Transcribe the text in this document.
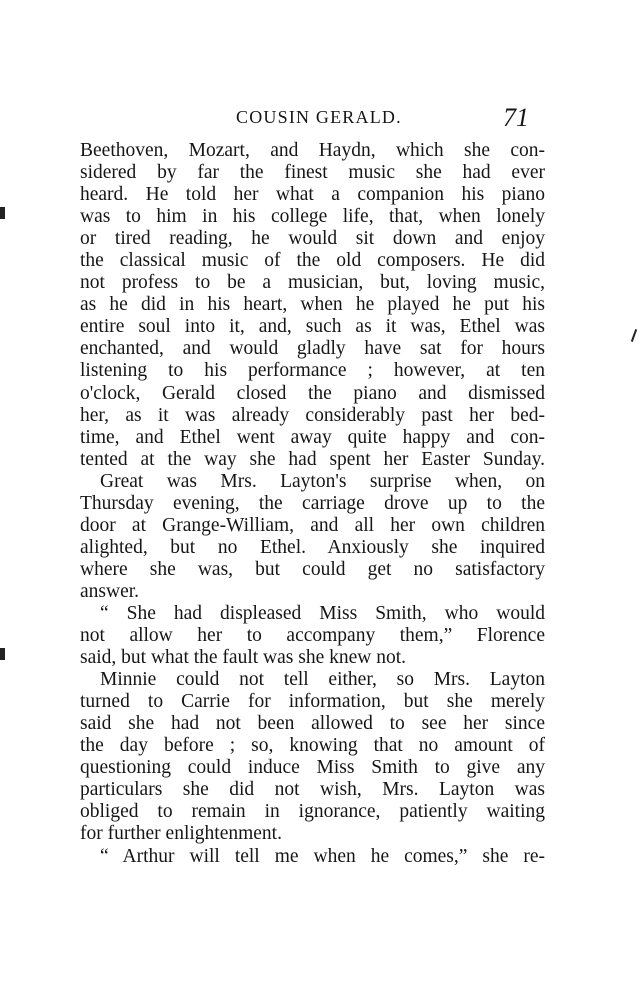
COUSIN GERALD.	71
Beethoven, Mozart, and Haydn, which she con-
sidered by far the finest music she had ever
heard. He told her what a companion his piano
was to him in his college life, that, when lonely
or tired reading, he would sit down and enjoy
the classical music of the old composers. He did
not profess to be a musician, but, loving music,
as he did in his heart, when he played he put his
entire soul into it, and, such as it was, Ethel was
enchanted, and would gladly have sat for hours
listening to his performance ; however, at ten
o'clock, Gerald closed the piano and dismissed
her, as it was already considerably past her bed-
time, and Ethel went away quite happy and con-
tented at the way she had spent her Easter Sunday.
Great was Mrs. Layton's surprise when, on
Thursday evening, the carriage drove up to the
door at Grange-William, and all her own children
alighted, but no Ethel. Anxiously she inquired
where she was, but could get no satisfactory
answer.
“ She had displeased Miss Smith, who would
not allow her to accompany them,” Florence
said, but what the fault was she knew not.
Minnie could not tell either, so Mrs. Layton
turned to Carrie for information, but she merely
said she had not been allowed to see her since
the day before ; so, knowing that no amount of
questioning could induce Miss Smith to give any
particulars she did not wish, Mrs. Layton was
obliged to remain in ignorance, patiently waiting
for further enlightenment.
“ Arthur will tell me when he comes,” she re-
